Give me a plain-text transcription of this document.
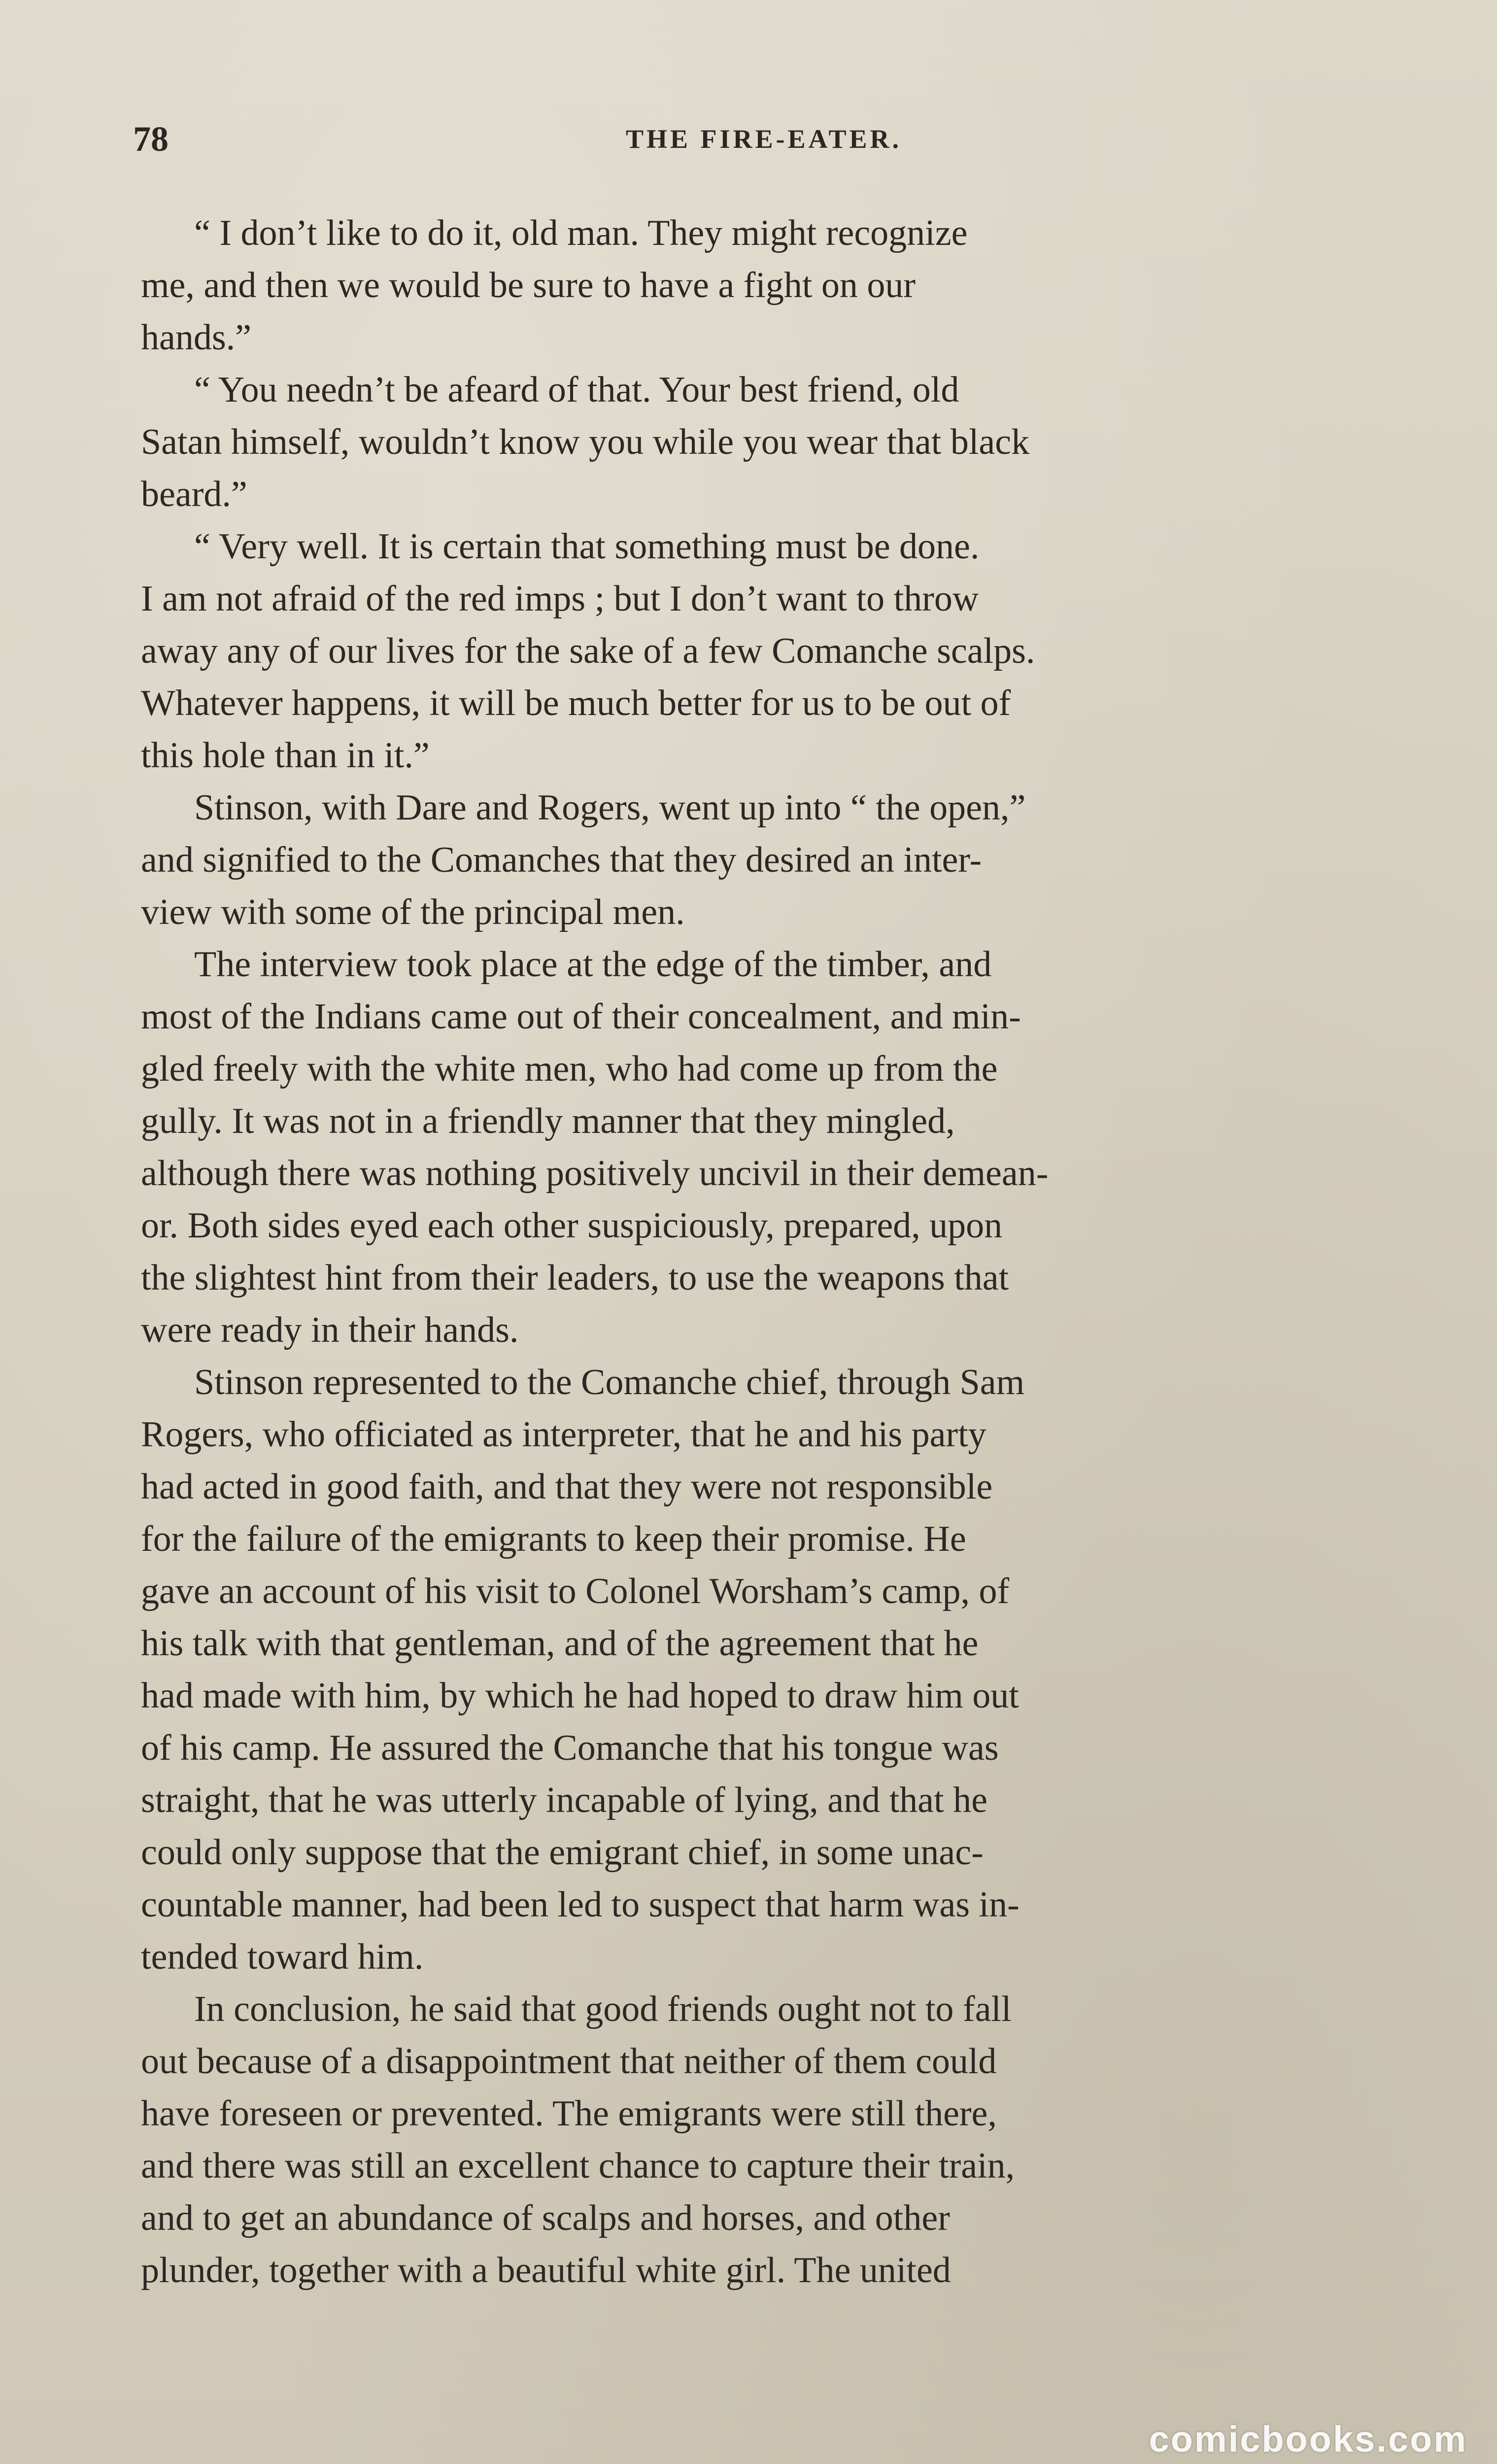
78	THE FIRE-EATER.

“ I don’t like to do it, old man. They might recognize
me, and then we would be sure to have a fight on our
hands.”

“ You needn’t be afeard of that. Your best friend, old
Satan himself, wouldn’t know you while you wear that black
beard.”

“ Very well. It is certain that something must be done.
I am not afraid of the red imps ; but I don’t want to throw
away any of our lives for the sake of a few Comanche scalps.
Whatever happens, it will be much better for us to be out of
this hole than in it.”

Stinson, with Dare and Rogers, went up into “ the open,”
and signified to the Comanches that they desired an inter-
view with some of the principal men.

The interview took place at the edge of the timber, and
most of the Indians came out of their concealment, and min-
gled freely with the white men, who had come up from the
gully. It was not in a friendly manner that they mingled,
although there was nothing positively uncivil in their demean-
or. Both sides eyed each other suspiciously, prepared, upon
the slightest hint from their leaders, to use the weapons that
were ready in their hands.

Stinson represented to the Comanche chief, through Sam
Rogers, who officiated as interpreter, that he and his party
had acted in good faith, and that they were not responsible
for the failure of the emigrants to keep their promise. He
gave an account of his visit to Colonel Worsham’s camp, of
his talk with that gentleman, and of the agreement that he
had made with him, by which he had hoped to draw him out
of his camp. He assured the Comanche that his tongue was
straight, that he was utterly incapable of lying, and that he
could only suppose that the emigrant chief, in some unac-
countable manner, had been led to suspect that harm was in-
tended toward him.

In conclusion, he said that good friends ought not to fall
out because of a disappointment that neither of them could
have foreseen or prevented. The emigrants were still there,
and there was still an excellent chance to capture their train,
and to get an abundance of scalps and horses, and other
plunder, together with a beautiful white girl. The united

comicbooks.com
